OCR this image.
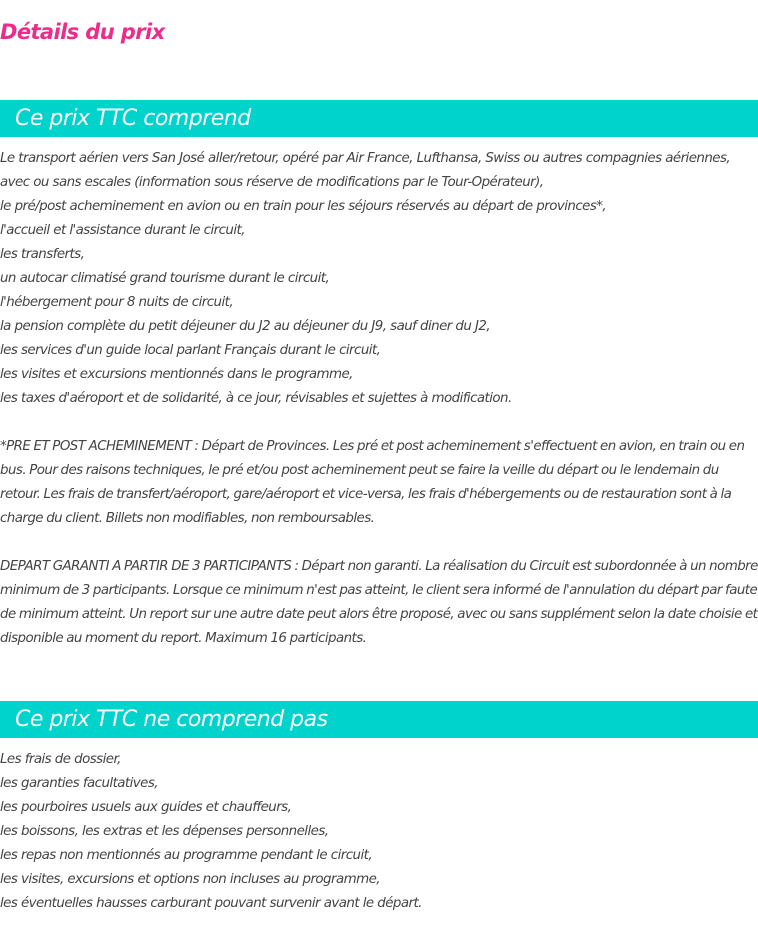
Détails du prix
Ce prix TTC comprend
Le transport aérien vers San José aller/retour, opéré par Air France, Lufthansa, Swiss ou autres compagnies aériennes,
avec ou sans escales (information sous réserve de modifications par le Tour-Opérateur),
le pré/post acheminement en avion ou en train pour les séjours réservés au départ de provinces*,
l'accueil et l'assistance durant le circuit,
les transferts,
un autocar climatisé grand tourisme durant le circuit,
l'hébergement pour 8 nuits de circuit,
la pension complète du petit déjeuner du J2 au déjeuner du J9, sauf diner du J2,
les services d'un guide local parlant Français durant le circuit,
les visites et excursions mentionnés dans le programme,
les taxes d'aéroport et de solidarité, à ce jour, révisables et sujettes à modification.

*PRE ET POST ACHEMINEMENT : Départ de Provinces. Les pré et post acheminement s'effectuent en avion, en train ou en bus. Pour des raisons techniques, le pré et/ou post acheminement peut se faire la veille du départ ou le lendemain du retour. Les frais de transfert/aéroport, gare/aéroport et vice-versa, les frais d'hébergements ou de restauration sont à la charge du client. Billets non modifiables, non remboursables.

DEPART GARANTI A PARTIR DE 3 PARTICIPANTS : Départ non garanti. La réalisation du Circuit est subordonnée à un nombre minimum de 3 participants. Lorsque ce minimum n'est pas atteint, le client sera informé de l'annulation du départ par faute de minimum atteint. Un report sur une autre date peut alors être proposé, avec ou sans supplément selon la date choisie et disponible au moment du report. Maximum 16 participants.

Ce prix TTC ne comprend pas
Les frais de dossier,
les garanties facultatives,
les pourboires usuels aux guides et chauffeurs,
les boissons, les extras et les dépenses personnelles,
les repas non mentionnés au programme pendant le circuit,
les visites, excursions et options non incluses au programme,
les éventuelles hausses carburant pouvant survenir avant le départ.
